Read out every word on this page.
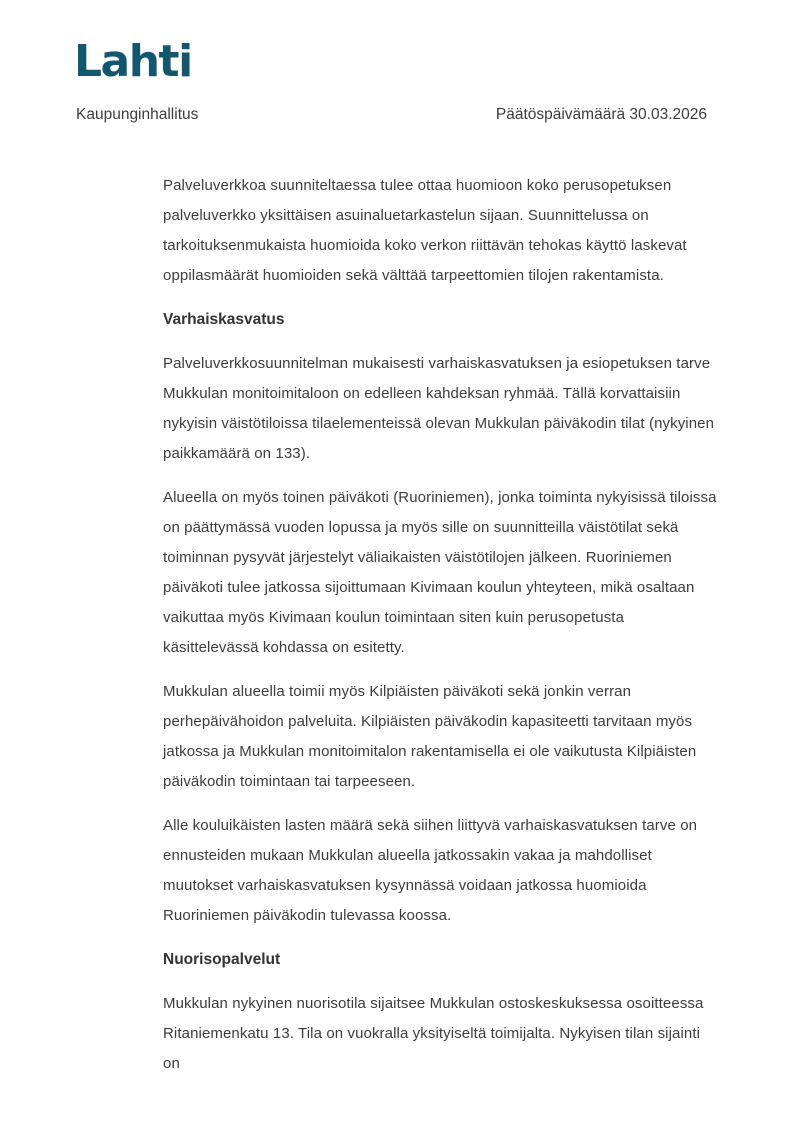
Lahti
Kaupunginhallitus	Päätöspäivämäärä 30.03.2026

Palveluverkkoa suunniteltaessa tulee ottaa huomioon koko perusopetuksen palveluverkko yksittäisen asuinaluetarkastelun sijaan. Suunnittelussa on tarkoituksenmukaista huomioida koko verkon riittävän tehokas käyttö laskevat oppilasmäärät huomioiden sekä välttää tarpeettomien tilojen rakentamista.

Varhaiskasvatus

Palveluverkkosuunnitelman mukaisesti varhaiskasvatuksen ja esiopetuksen tarve Mukkulan monitoimitaloon on edelleen kahdeksan ryhmää. Tällä korvattaisiin nykyisin väistötiloissa tilaelementeissä olevan Mukkulan päiväkodin tilat (nykyinen paikkamäärä on 133).

Alueella on myös toinen päiväkoti (Ruoriniemen), jonka toiminta nykyisissä tiloissa on päättymässä vuoden lopussa ja myös sille on suunnitteilla väistötilat sekä toiminnan pysyvät järjestelyt väliaikaisten väistötilojen jälkeen. Ruoriniemen päiväkoti tulee jatkossa sijoittumaan Kivimaan koulun yhteyteen, mikä osaltaan vaikuttaa myös Kivimaan koulun toimintaan siten kuin perusopetusta käsittelevässä kohdassa on esitetty.

Mukkulan alueella toimii myös Kilpiäisten päiväkoti sekä jonkin verran perhepäivähoidon palveluita. Kilpiäisten päiväkodin kapasiteetti tarvitaan myös jatkossa ja Mukkulan monitoimitalon rakentamisella ei ole vaikutusta Kilpiäisten päiväkodin toimintaan tai tarpeeseen.

Alle kouluikäisten lasten määrä sekä siihen liittyvä varhaiskasvatuksen tarve on ennusteiden mukaan Mukkulan alueella jatkossakin vakaa ja mahdolliset muutokset varhaiskasvatuksen kysynnässä voidaan jatkossa huomioida Ruoriniemen päiväkodin tulevassa koossa.

Nuorisopalvelut

Mukkulan nykyinen nuorisotila sijaitsee Mukkulan ostoskeskuksessa osoitteessa Ritaniemenkatu 13. Tila on vuokralla yksityiseltä toimijalta. Nykyisen tilan sijainti on
